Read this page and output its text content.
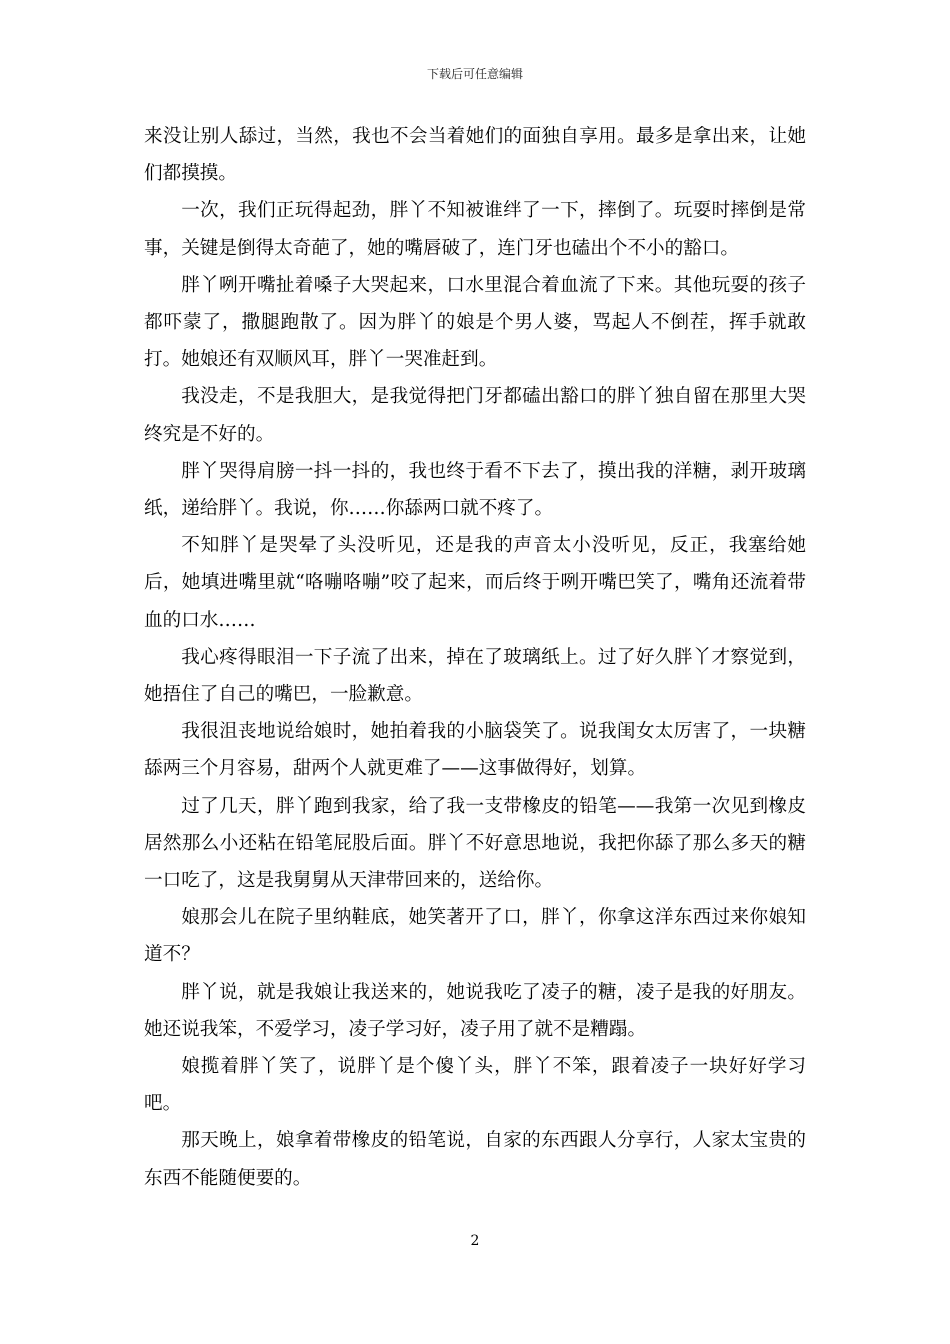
下载后可任意编辑

来没让别人舔过，当然，我也不会当着她们的面独自享用。最多是拿出来，让她们都摸摸。

一次，我们正玩得起劲，胖丫不知被谁绊了一下，摔倒了。玩耍时摔倒是常事，关键是倒得太奇葩了，她的嘴唇破了，连门牙也磕出个不小的豁口。

胖丫咧开嘴扯着嗓子大哭起来，口水里混合着血流了下来。其他玩耍的孩子都吓蒙了，撒腿跑散了。因为胖丫的娘是个男人婆，骂起人不倒茬，挥手就敢打。她娘还有双顺风耳，胖丫一哭准赶到。

我没走，不是我胆大，是我觉得把门牙都磕出豁口的胖丫独自留在那里大哭终究是不好的。

胖丫哭得肩膀一抖一抖的，我也终于看不下去了，摸出我的洋糖，剥开玻璃纸，递给胖丫。我说，你……你舔两口就不疼了。

不知胖丫是哭晕了头没听见，还是我的声音太小没听见，反正，我塞给她后，她填进嘴里就“咯嘣咯嘣”咬了起来，而后终于咧开嘴巴笑了，嘴角还流着带血的口水……

我心疼得眼泪一下子流了出来，掉在了玻璃纸上。过了好久胖丫才察觉到，她捂住了自己的嘴巴，一脸歉意。

我很沮丧地说给娘时，她拍着我的小脑袋笑了。说我闺女太厉害了，一块糖舔两三个月容易，甜两个人就更难了——这事做得好，划算。

过了几天，胖丫跑到我家，给了我一支带橡皮的铅笔——我第一次见到橡皮居然那么小还粘在铅笔屁股后面。胖丫不好意思地说，我把你舔了那么多天的糖一口吃了，这是我舅舅从天津带回来的，送给你。

娘那会儿在院子里纳鞋底，她笑著开了口，胖丫，你拿这洋东西过来你娘知道不？

胖丫说，就是我娘让我送来的，她说我吃了凌子的糖，凌子是我的好朋友。她还说我笨，不爱学习，凌子学习好，凌子用了就不是糟蹋。

娘揽着胖丫笑了，说胖丫是个傻丫头，胖丫不笨，跟着凌子一块好好学习吧。

那天晚上，娘拿着带橡皮的铅笔说，自家的东西跟人分享行，人家太宝贵的东西不能随便要的。

2
